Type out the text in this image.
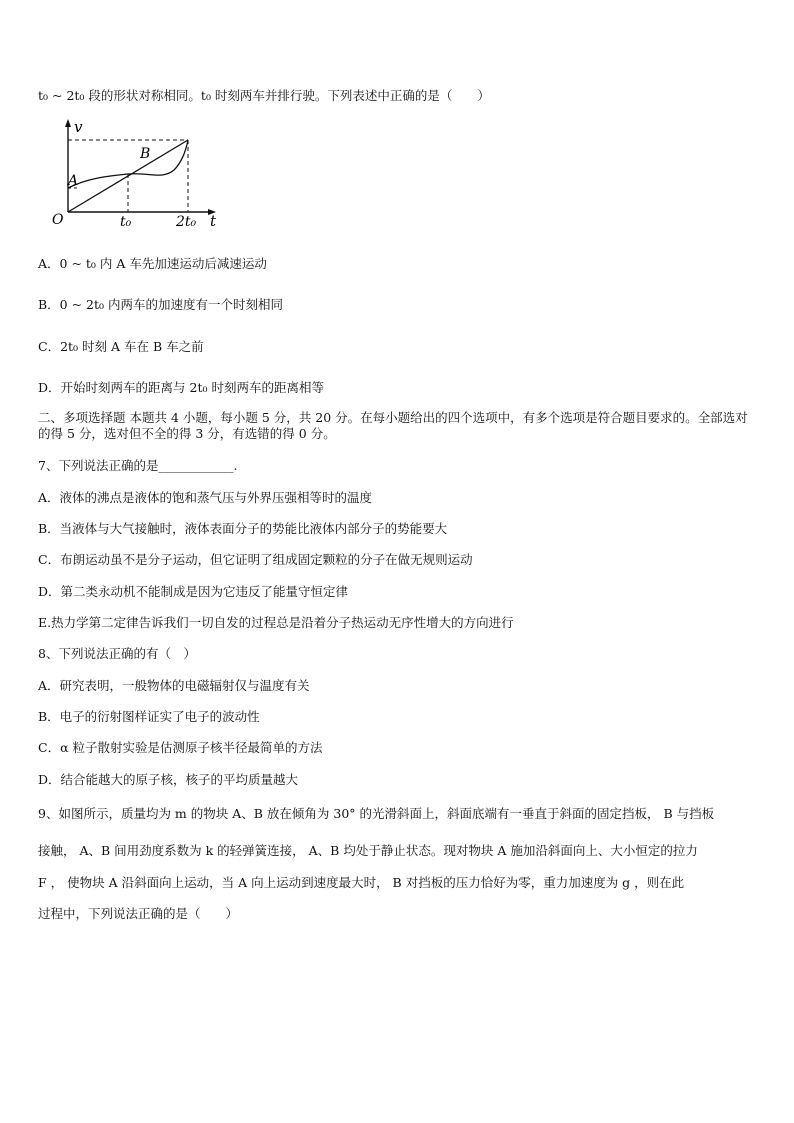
t₀ ~ 2t₀ 段的形状对称相同。t₀ 时刻两车并排行驶。下列表述中正确的是（　　）
v
A
B
O	t₀	2t₀ t
A．0 ~ t₀ 内 A 车先加速运动后减速运动
B．0 ~ 2t₀ 内两车的加速度有一个时刻相同
C．2t₀ 时刻 A 车在 B 车之前
D．开始时刻两车的距离与 2t₀ 时刻两车的距离相等
二、多项选择题 本题共 4 小题，每小题 5 分，共 20 分。在每小题给出的四个选项中，有多个选项是符合题目要求的。全部选对的得 5 分，选对但不全的得 3 分，有选错的得 0 分。
7、下列说法正确的是____________.
A．液体的沸点是液体的饱和蒸气压与外界压强相等时的温度
B．当液体与大气接触时，液体表面分子的势能比液体内部分子的势能要大
C．布朗运动虽不是分子运动，但它证明了组成固定颗粒的分子在做无规则运动
D．第二类永动机不能制成是因为它违反了能量守恒定律
E.热力学第二定律告诉我们一切自发的过程总是沿着分子热运动无序性增大的方向进行
8、下列说法正确的有（　）
A．研究表明，一般物体的电磁辐射仅与温度有关
B．电子的衍射图样证实了电子的波动性
C．α 粒子散射实验是估测原子核半径最简单的方法
D．结合能越大的原子核，核子的平均质量越大
9、如图所示，质量均为 m 的物块 A、B 放在倾角为 30° 的光滑斜面上，斜面底端有一垂直于斜面的固定挡板， B 与挡板
接触， A、B 间用劲度系数为 k 的轻弹簧连接， A、B 均处于静止状态。现对物块 A 施加沿斜面向上、大小恒定的拉力
F ， 使物块 A 沿斜面向上运动，当 A 向上运动到速度最大时， B 对挡板的压力恰好为零，重力加速度为 g ，则在此
过程中，下列说法正确的是（　　）
